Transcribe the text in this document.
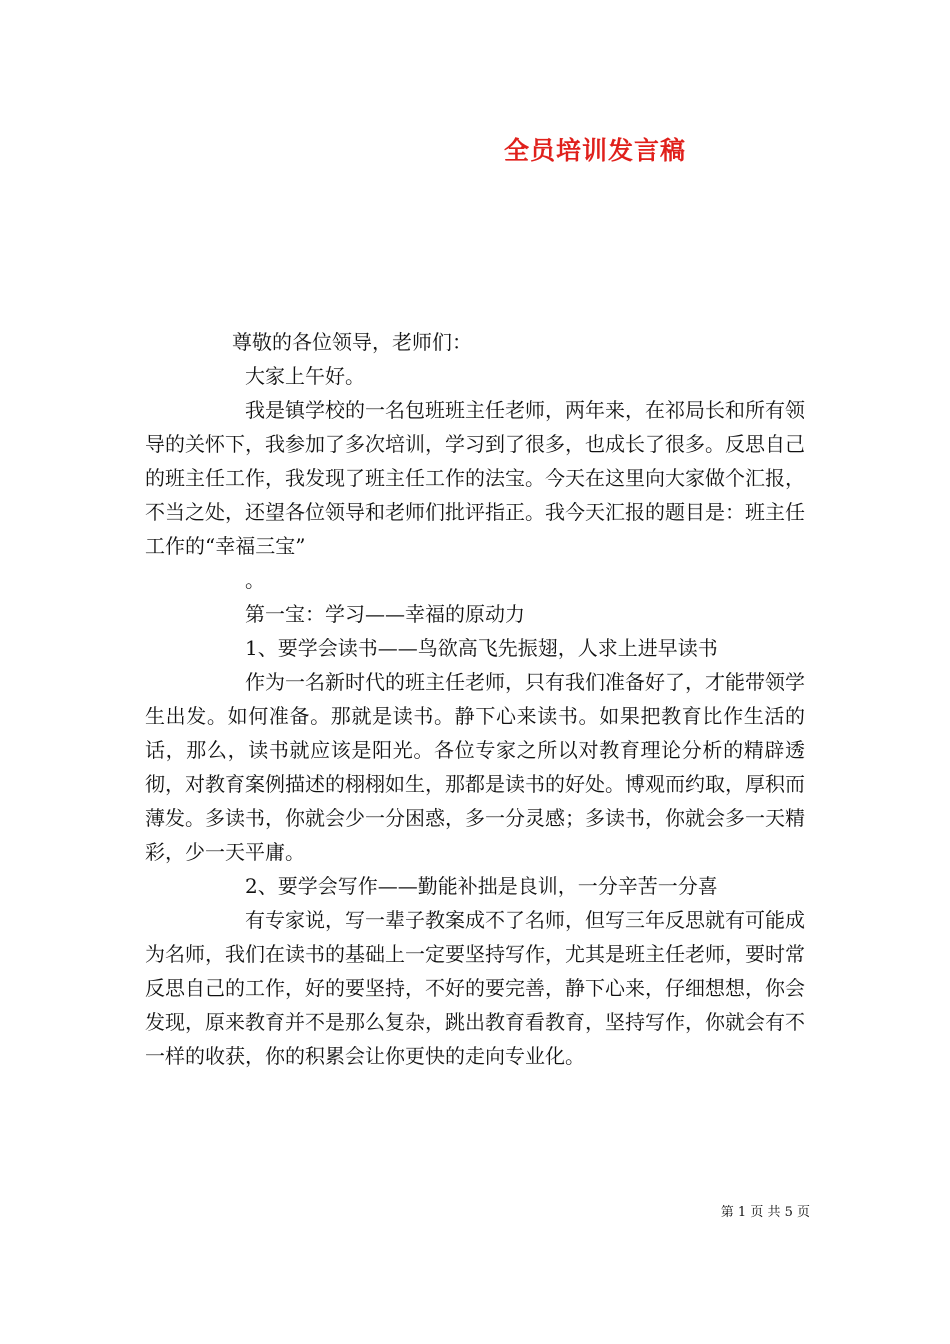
全员培训发言稿

尊敬的各位领导，老师们：

大家上午好。

我是镇学校的一名包班班主任老师，两年来，在祁局长和所有领导的关怀下，我参加了多次培训，学习到了很多，也成长了很多。反思自己的班主任工作，我发现了班主任工作的法宝。今天在这里向大家做个汇报，不当之处，还望各位领导和老师们批评指正。我今天汇报的题目是：班主任工作的“幸福三宝”

。

第一宝：学习——幸福的原动力

1、要学会读书——鸟欲高飞先振翅，人求上进早读书

作为一名新时代的班主任老师，只有我们准备好了，才能带领学生出发。如何准备。那就是读书。静下心来读书。如果把教育比作生活的话，那么，读书就应该是阳光。各位专家之所以对教育理论分析的精辟透彻，对教育案例描述的栩栩如生，那都是读书的好处。博观而约取，厚积而薄发。多读书，你就会少一分困惑，多一分灵感；多读书，你就会多一天精彩，少一天平庸。

2、要学会写作——勤能补拙是良训，一分辛苦一分喜

有专家说，写一辈子教案成不了名师，但写三年反思就有可能成为名师，我们在读书的基础上一定要坚持写作，尤其是班主任老师，要时常反思自己的工作，好的要坚持，不好的要完善，静下心来，仔细想想，你会发现，原来教育并不是那么复杂，跳出教育看教育，坚持写作，你就会有不一样的收获，你的积累会让你更快的走向专业化。

第 1 页 共 5 页
